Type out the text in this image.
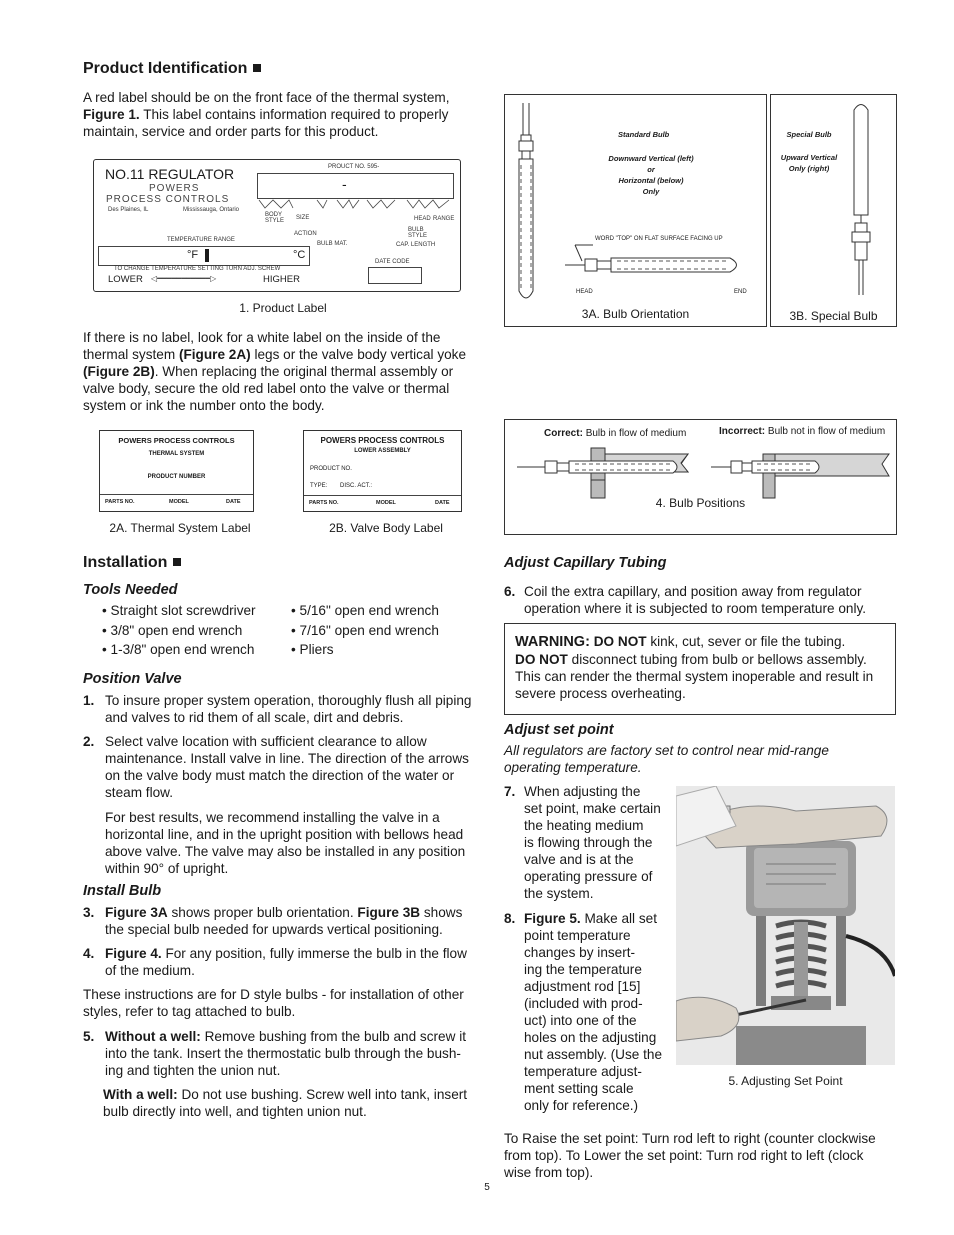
Product Identification
A red label should be on the front face of the thermal system,
Figure 1. This label contains information required to properly
maintain, service and order parts for this product.
NO.11 REGULATOR
POWERS
PROCESS CONTROLS
Des Plaines, IL	Mississauga, Ontario
PROUCT NO. 595-
-
BODY STYLE	SIZE
ACTION
BULB MAT.
BULB STYLE
HEAD RANGE
CAP. LENGTH
TEMPERATURE RANGE
°F	°C
DATE CODE
TO CHANGE TEMPERATURE SETTING TURN ADJ. SCREW
LOWER ◁━━━━━━━━━━━▷	HIGHER
1. Product Label
If there is no label, look for a white label on the inside of the
thermal system (Figure 2A) legs or the valve body vertical yoke
(Figure 2B). When replacing the original thermal assembly or
valve body, secure the old red label onto the valve or thermal
system or ink the number onto the body.
POWERS PROCESS CONTROLS
THERMAL SYSTEM
PRODUCT NUMBER
PARTS NO.	MODEL	DATE
2A. Thermal System Label
POWERS PROCESS CONTROLS
LOWER ASSEMBLY
PRODUCT NO.
TYPE: DISC. ACT.:
PARTS NO.	MODEL	DATE
2B. Valve Body Label
Installation
Tools Needed
• Straight slot screwdriver
• 3/8" open end wrench
• 1-3/8" open end wrench
• 5/16" open end wrench
• 7/16" open end wrench
• Pliers
Position Valve
1. To insure proper system operation, thoroughly flush all piping
and valves to rid them of all scale, dirt and debris.
2. Select valve location with sufficient clearance to allow
maintenance. Install valve in line. The direction of the arrows
on the valve body must match the direction of the water or
steam flow.
For best results, we recommend installing the valve in a
horizontal line, and in the upright position with bellows head
above valve. The valve may also be installed in any position
within 90° of upright.
Install Bulb
3. Figure 3A shows proper bulb orientation. Figure 3B shows
the special bulb needed for upwards vertical positioning.
4. Figure 4. For any position, fully immerse the bulb in the flow
of the medium.
These instructions are for D style bulbs - for installation of other
styles, refer to tag attached to bulb.
5. Without a well: Remove bushing from the bulb and screw it
into the tank. Insert the thermostatic bulb through the bush-
ing and tighten the union nut.
With a well: Do not use bushing. Screw well into tank, insert
bulb directly into well, and tighten union nut.
Standard Bulb
Downward Vertical (left)
or
Horizontal (below)
Only
WORD "TOP" ON FLAT SURFACE FACING UP
HEAD	END
3A. Bulb Orientation
Special Bulb
Upward Vertical
Only (right)
3B. Special Bulb
Correct: Bulb in flow of medium	Incorrect: Bulb not in flow of medium
4. Bulb Positions
Adjust Capillary Tubing
6. Coil the extra capillary, and position away from regulator
operation where it is subjected to room temperature only.
WARNING: DO NOT kink, cut, sever or file the tubing.
DO NOT disconnect tubing from bulb or bellows assembly.
This can render the thermal system inoperable and result in
severe process overheating.
Adjust set point
All regulators are factory set to control near mid-range
operating temperature.
7. When adjusting the
set point, make certain
the heating medium
is flowing through the
valve and is at the
operating pressure of
the system.
8. Figure 5. Make all set
point temperature
changes by insert-
ing the temperature
adjustment rod [15]
(included with prod-
uct) into one of the
holes on the adjusting
nut assembly. (Use the
temperature adjust-
ment setting scale
only for reference.)
5. Adjusting Set Point
To Raise the set point: Turn rod left to right (counter clockwise
from top). To Lower the set point: Turn rod right to left (clock
wise from top).
5
